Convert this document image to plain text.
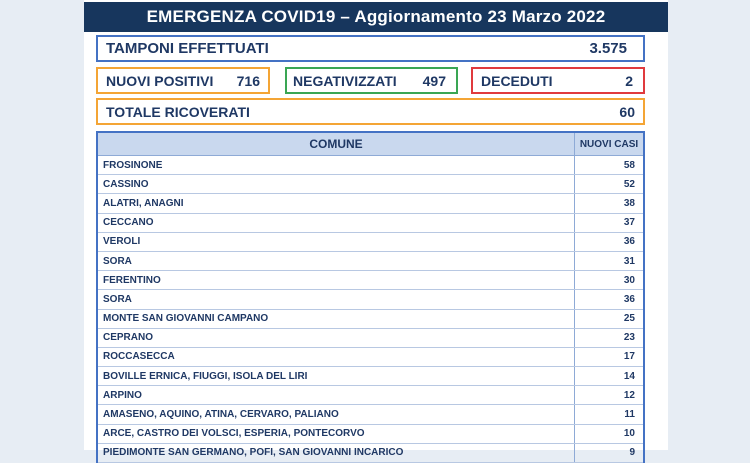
EMERGENZA COVID19 – Aggiornamento 23 Marzo 2022
TAMPONI EFFETTUATI	3.575
NUOVI POSITIVI 716 NEGATIVIZZATI 497	DECEDUTI	2
TOTALE RICOVERATI	60
COMUNE	NUOVI CASI
FROSINONE	58
CASSINO	52
ALATRI, ANAGNI	38
CECCANO	37
VEROLI	36
SORA	31
FERENTINO	30
SORA	36
MONTE SAN GIOVANNI CAMPANO	25
CEPRANO	23
ROCCASECCA	17
BOVILLE ERNICA, FIUGGI, ISOLA DEL LIRI	14
ARPINO	12
AMASENO, AQUINO, ATINA, CERVARO, PALIANO	11
ARCE, CASTRO DEI VOLSCI, ESPERIA, PONTECORVO	10
PIEDIMONTE SAN GERMANO, POFI, SAN GIOVANNI INCARICO	9
